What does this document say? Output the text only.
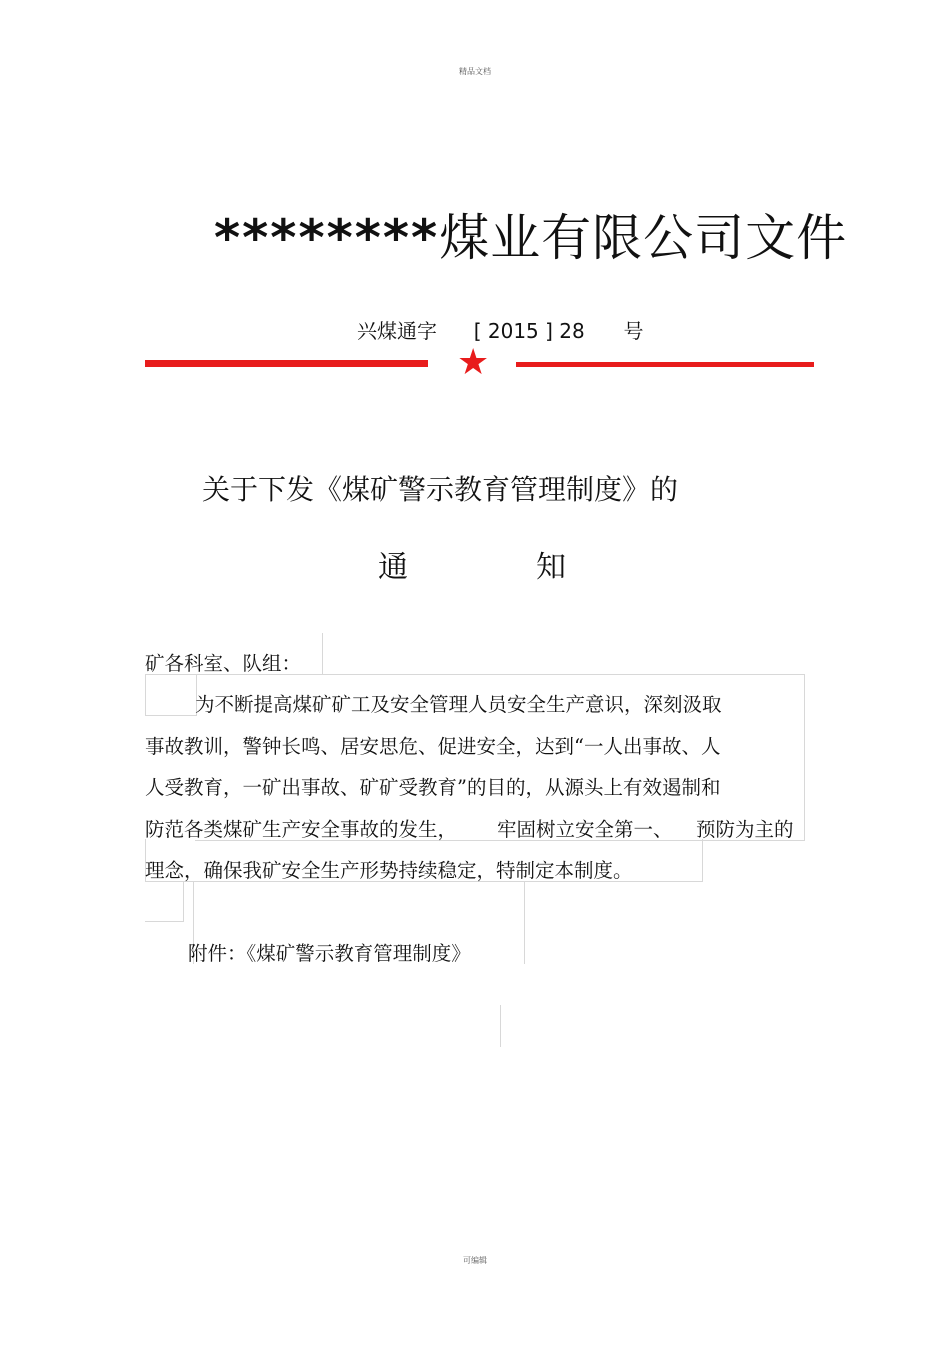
精品文档
********煤业有限公司文件
兴煤通字 [ 2015 ] 28 号
★
关于下发《煤矿警示教育管理制度》的
通	知
矿各科室、队组：
为不断提高煤矿矿工及安全管理人员安全生产意识，深刻汲取
事故教训，警钟长鸣、居安思危、促进安全，达到“一人出事故、人
人受教育，一矿出事故、矿矿受教育”的目的，从源头上有效遏制和
防范各类煤矿生产安全事故的发生， 牢固树立安全第一、 预防为主的
理念，确保我矿安全生产形势持续稳定，特制定本制度。
附件：《煤矿警示教育管理制度》
可编辑
